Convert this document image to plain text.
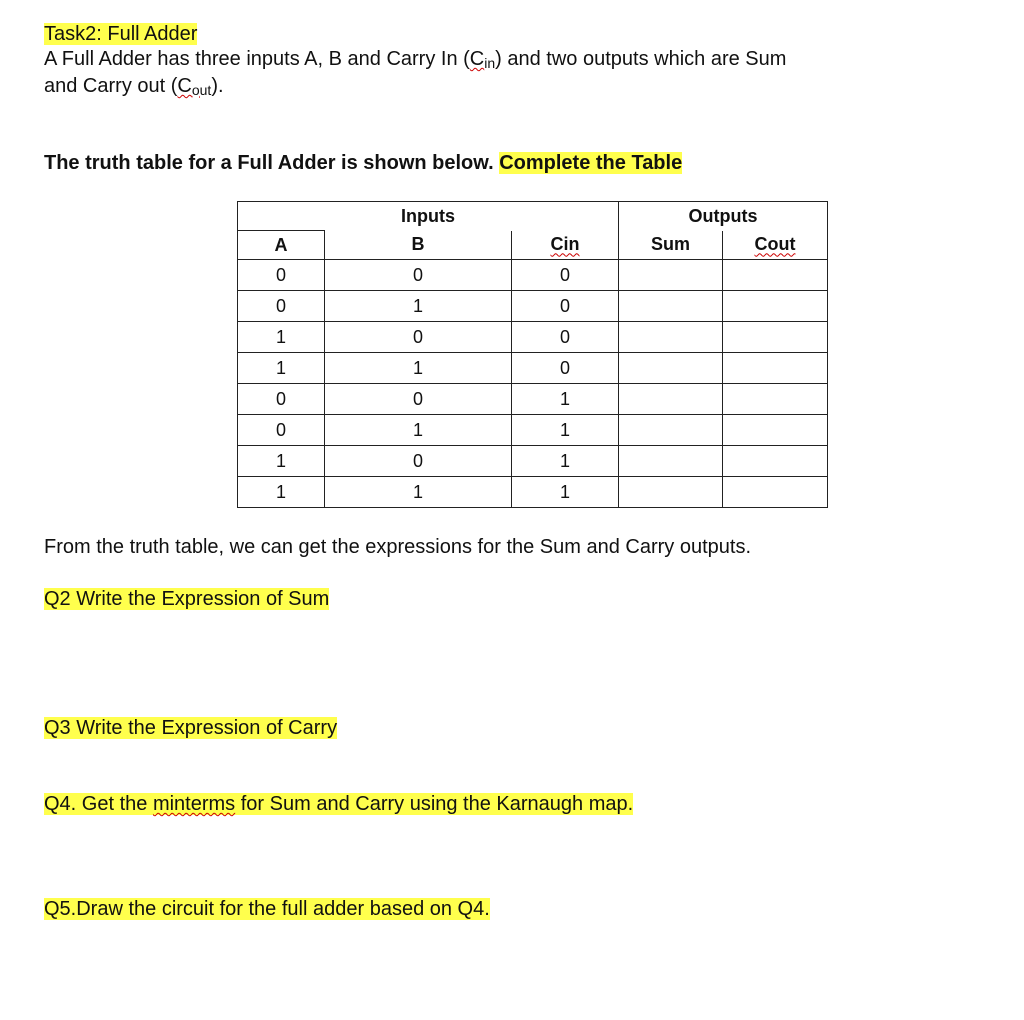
Task2: Full Adder
A Full Adder has three inputs A, B and Carry In $(C_{in})$ and two outputs which are Sum
and Carry out $(C_{out})$.
The truth table for a Full Adder is shown below. Complete the Table
Inputs			Outputs	
A	B	Cin	Sum	Cout
0	0	0		
0	1	0		
1	0	0		
1	1	0		
0	0	1		
0	1	1		
1	0	1		
1	1	1		
From the truth table, we can get the expressions for the Sum and Carry outputs.
Q2 Write the Expression of Sum
Q3 Write the Expression of Carry
Q4. Get the minterms for Sum and Carry using the Karnaugh map.
Q5.Draw the circuit for the full adder based on Q4.
